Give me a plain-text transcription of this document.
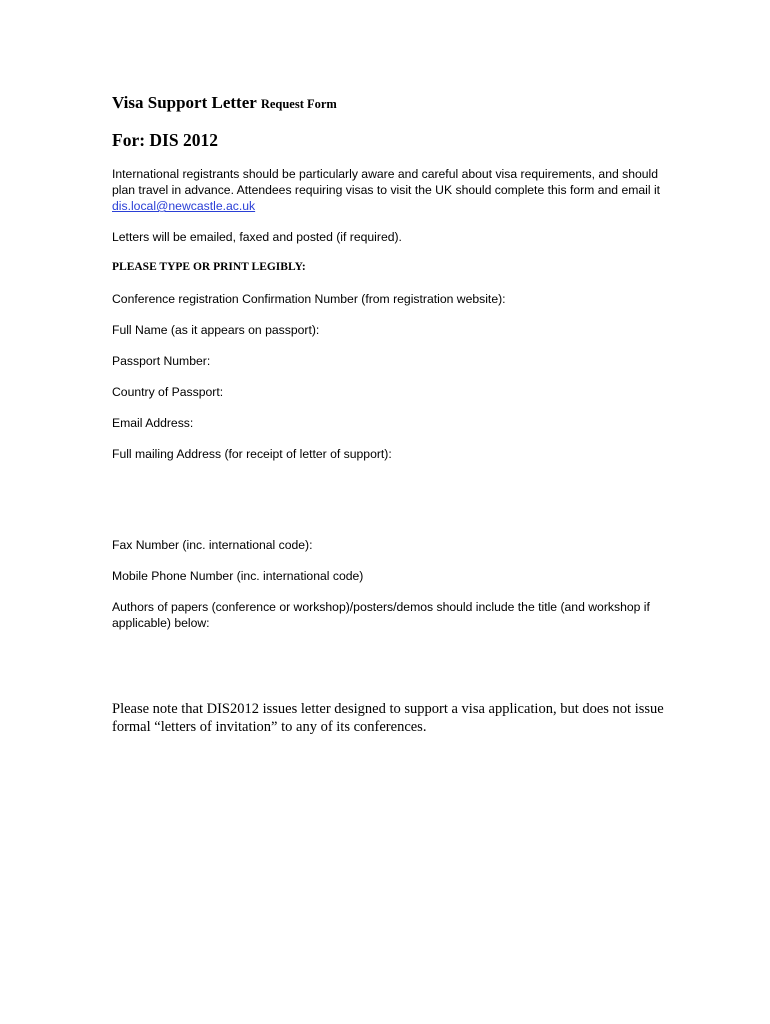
Visa Support Letter Request Form

For: DIS 2012

International registrants should be particularly aware and careful about visa requirements, and should plan travel in advance. Attendees requiring visas to visit the UK should complete this form and email it dis.local@newcastle.ac.uk

Letters will be emailed, faxed and posted (if required).

PLEASE TYPE OR PRINT LEGIBLY:

Conference registration Confirmation Number (from registration website):

Full Name (as it appears on passport):

Passport Number:

Country of Passport:

Email Address:

Full mailing Address (for receipt of letter of support):

Fax Number (inc. international code):

Mobile Phone Number (inc. international code)

Authors of papers (conference or workshop)/posters/demos should include the title (and workshop if applicable) below:

Please note that DIS2012 issues letter designed to support a visa application, but does not issue formal “letters of invitation” to any of its conferences.
